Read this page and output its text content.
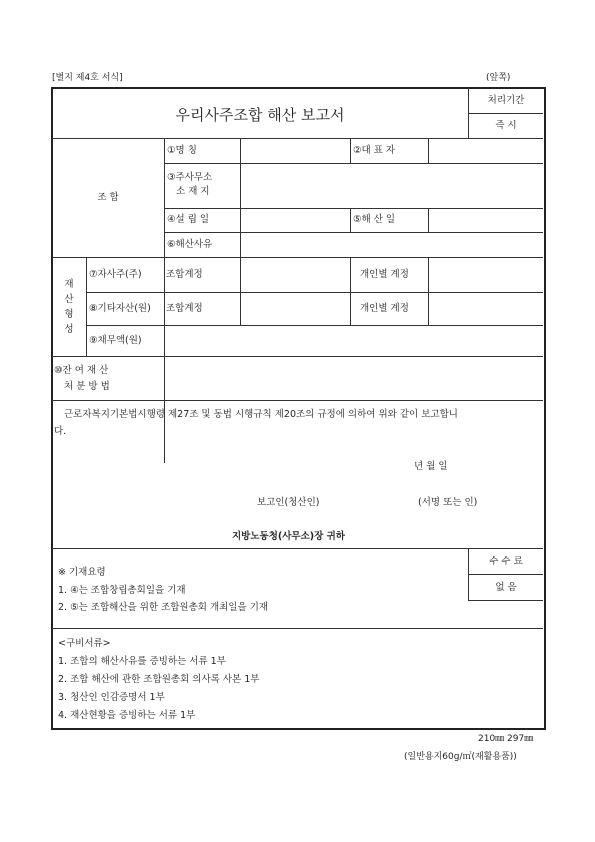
[별지 제4호 서식]	(앞쪽)
우리사주조합 해산 보고서
처리기간
즉 시
조 합
①명 칭	②대 표 자
③주사무소
소 재 지
④설 립 일	⑤해 산 일
⑥해산사유
재
산
형
성
⑦자사주(주)	조합계정	개인별 계정
⑧기타자산(원) 조합계정	개인별 계정
⑨채무액(원)
⑩잔 여 재 산
처 분 방 법
근로자복지기본법시행령 제27조 및 동법 시행규칙 제20조의 규정에 의하여 위와 같이 보고합니
다.
년 월 일
보고인(청산인)	(서명 또는 인)
지방노동청(사무소)장 귀하
수 수 료
없 음
※ 기재요령
1. ④는 조합창립총회일을 기재
2. ⑤는 조합해산을 위한 조합원총회 개최일을 기재
<구비서류>
1. 조합의 해산사유를 증빙하는 서류 1부
2. 조합 해산에 관한 조합원총회 의사록 사본 1부
3. 청산인 인감증명서 1부
4. 재산현황을 증빙하는 서류 1부
210㎜ 297㎜
(일반용지60g/㎡(재활용품))
